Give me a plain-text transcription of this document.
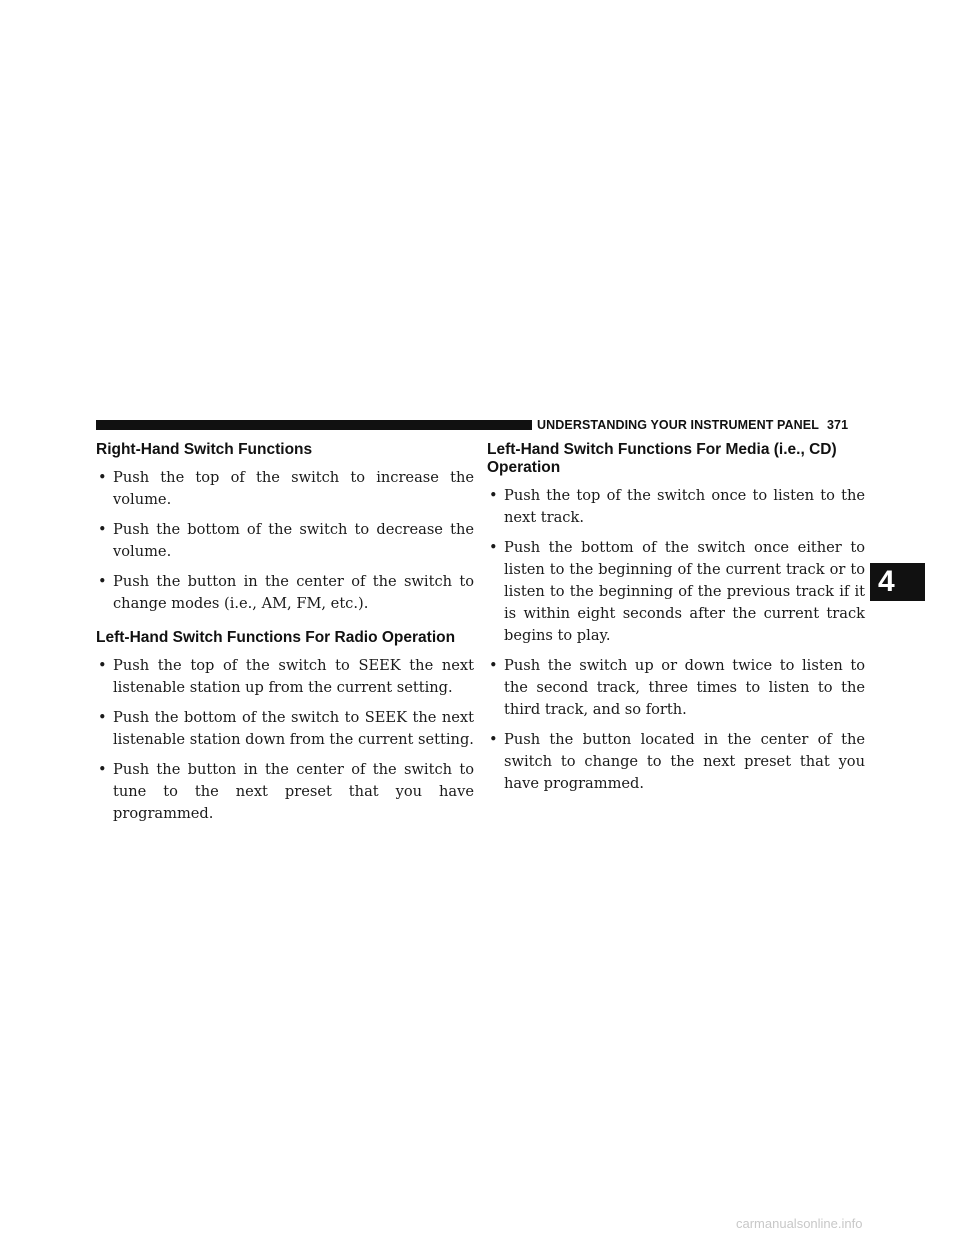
UNDERSTANDING YOUR INSTRUMENT PANEL 371
4
Right-Hand Switch Functions
• Push the top of the switch to increase the volume.
• Push the bottom of the switch to decrease the volume.
• Push the button in the center of the switch to change modes (i.e., AM, FM, etc.).
Left-Hand Switch Functions For Radio Operation
• Push the top of the switch to SEEK the next listenable station up from the current setting.
• Push the bottom of the switch to SEEK the next listenable station down from the current setting.
• Push the button in the center of the switch to tune to the next preset that you have programmed.
Left-Hand Switch Functions For Media (i.e., CD) Operation
• Push the top of the switch once to listen to the next track.
• Push the bottom of the switch once either to listen to the beginning of the current track or to listen to the beginning of the previous track if it is within eight seconds after the current track begins to play.
• Push the switch up or down twice to listen to the second track, three times to listen to the third track, and so forth.
• Push the button located in the center of the switch to change to the next preset that you have programmed.
carmanualsonline.info
